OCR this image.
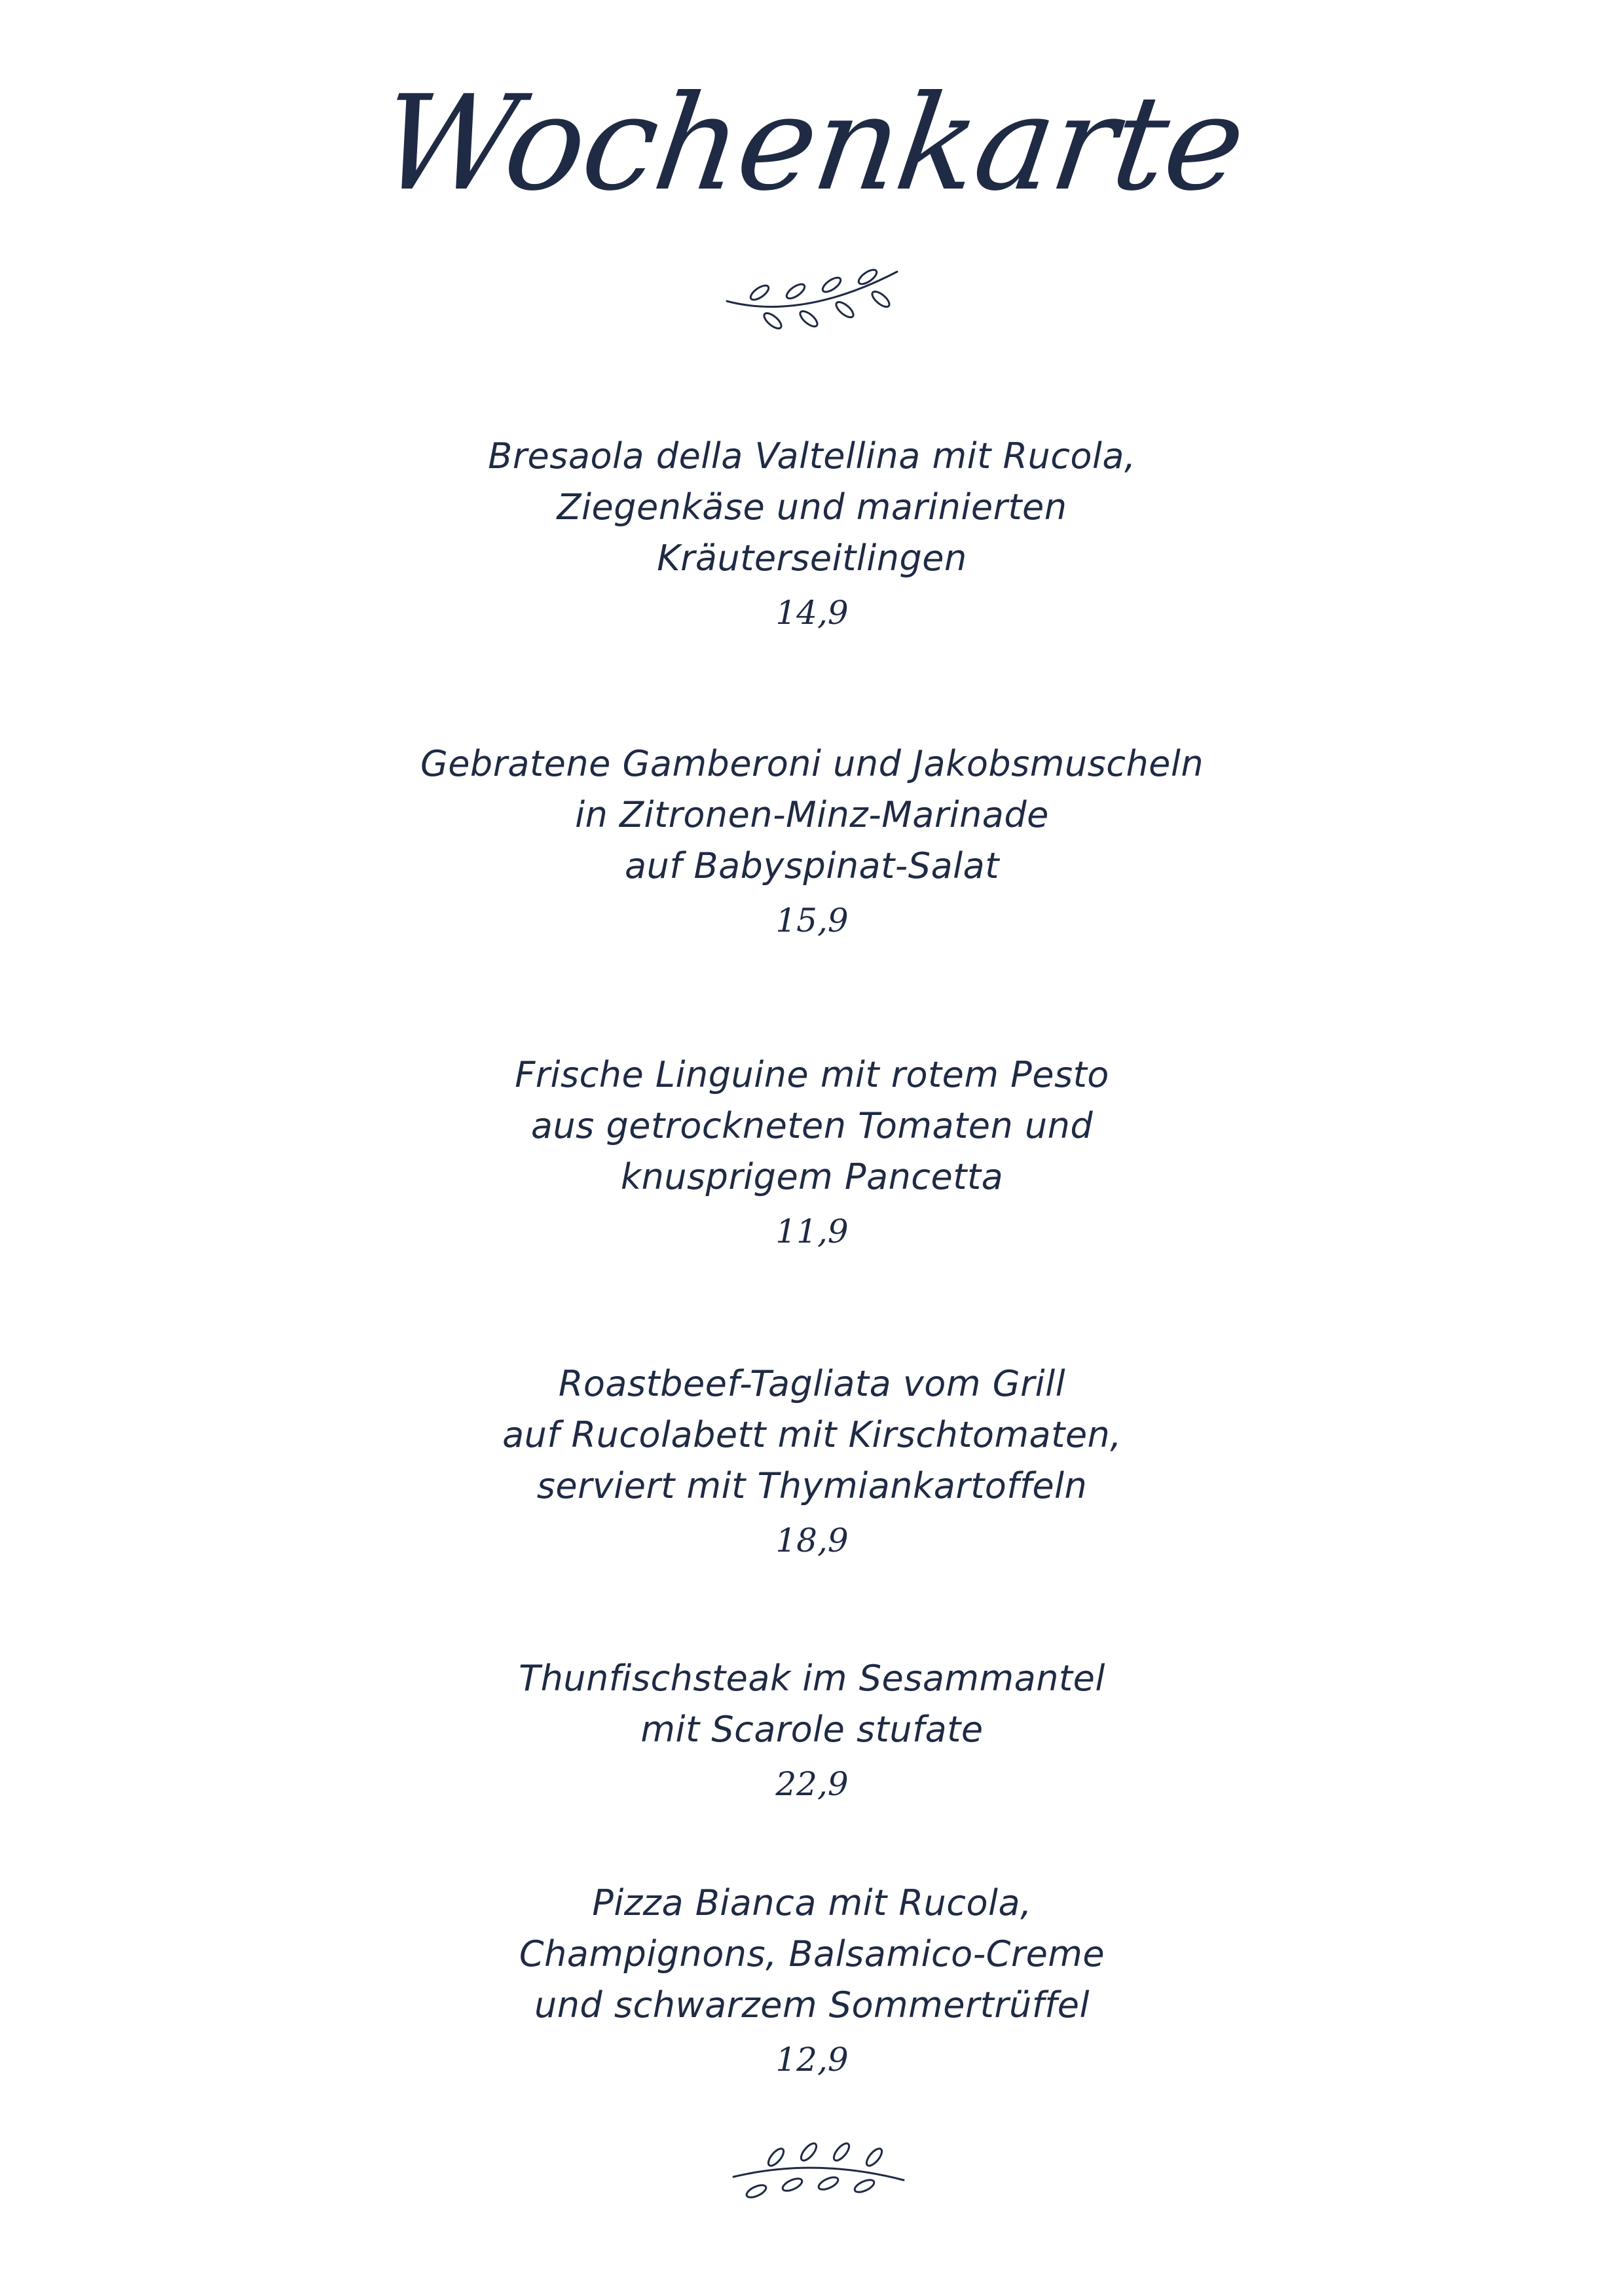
Wochenkarte
Bresaola della Valtellina mit Rucola,
Ziegenkäse und marinierten
Kräuterseitlingen
14,9
Gebratene Gamberoni und Jakobsmuscheln
in Zitronen-Minz-Marinade
auf Babyspinat-Salat
15,9
Frische Linguine mit rotem Pesto
aus getrockneten Tomaten und
knusprigem Pancetta
11,9
Roastbeef-Tagliata vom Grill
auf Rucolabett mit Kirschtomaten,
serviert mit Thymiankartoffeln
18,9
Thunfischsteak im Sesammantel
mit Scarole stufate
22,9
Pizza Bianca mit Rucola,
Champignons, Balsamico-Creme
und schwarzem Sommertrüffel
12,9
